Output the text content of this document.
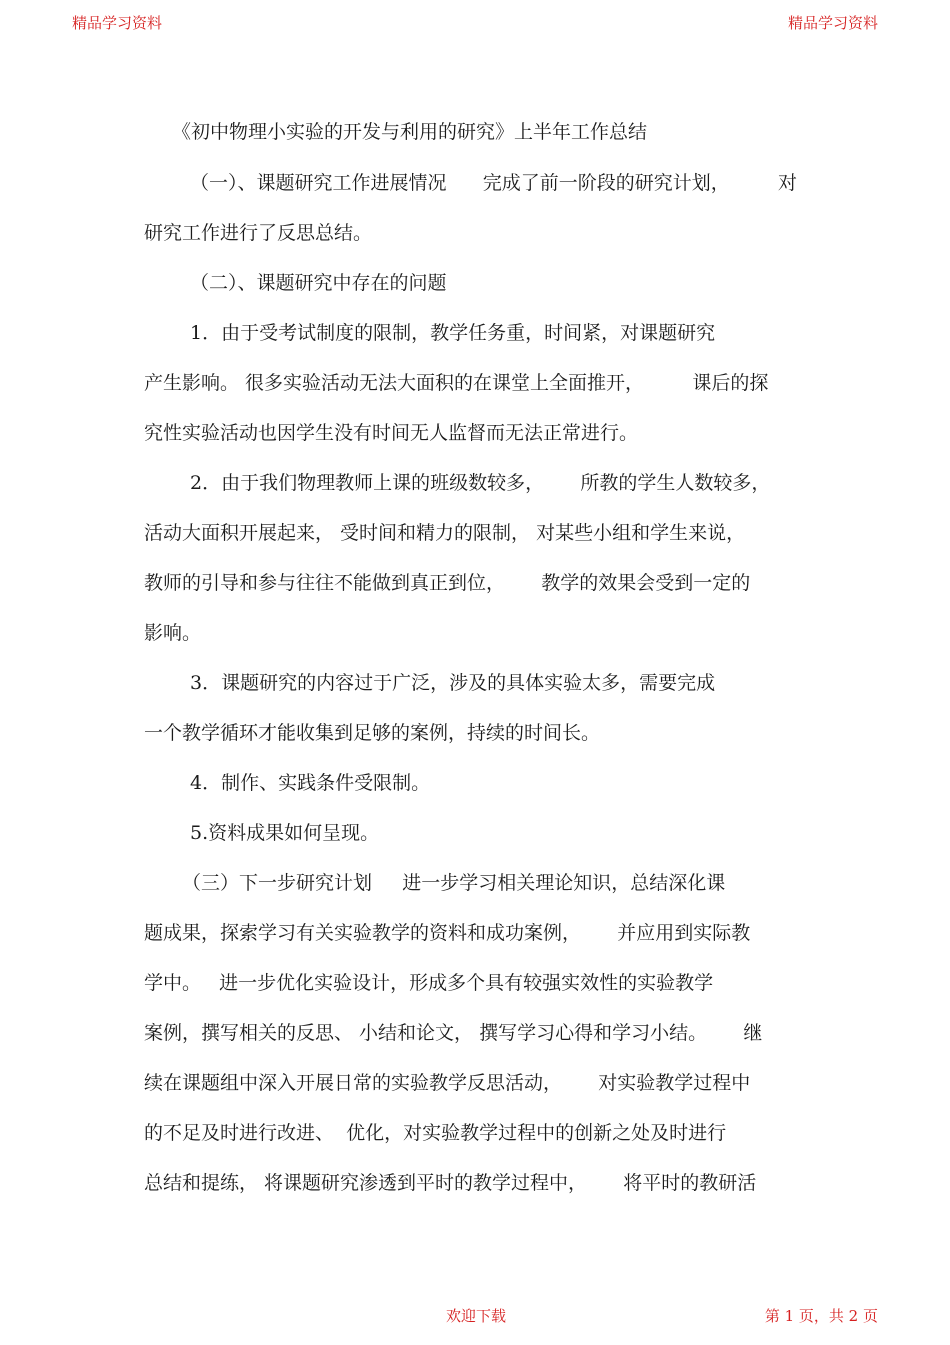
精品学习资料	精品学习资料
《初中物理小实验的开发与利用的研究》上半年工作总结
（一）、课题研究工作进展情况      完成了前一阶段的研究计划，        对
研究工作进行了反思总结。
（二）、课题研究中存在的问题
1．由于受考试制度的限制，教学任务重，时间紧，对课题研究
产生影响。 很多实验活动无法大面积的在课堂上全面推开，        课后的探
究性实验活动也因学生没有时间无人监督而无法正常进行。
2．由于我们物理教师上课的班级数较多，      所教的学生人数较多，
活动大面积开展起来， 受时间和精力的限制， 对某些小组和学生来说，
教师的引导和参与往往不能做到真正到位，      教学的效果会受到一定的
影响。
3．课题研究的内容过于广泛，涉及的具体实验太多，需要完成
一个教学循环才能收集到足够的案例，持续的时间长。
4．制作、实践条件受限制。
5.资料成果如何呈现。
（三）下一步研究计划     进一步学习相关理论知识，总结深化课
题成果，探索学习有关实验教学的资料和成功案例，      并应用到实际教
学中。   进一步优化实验设计，形成多个具有较强实效性的实验教学
案例，撰写相关的反思、 小结和论文， 撰写学习心得和学习小结。      继
续在课题组中深入开展日常的实验教学反思活动，      对实验教学过程中
的不足及时进行改进、  优化，对实验教学过程中的创新之处及时进行
总结和提练， 将课题研究渗透到平时的教学过程中，      将平时的教研活
欢迎下载	第 1 页，共 2 页
